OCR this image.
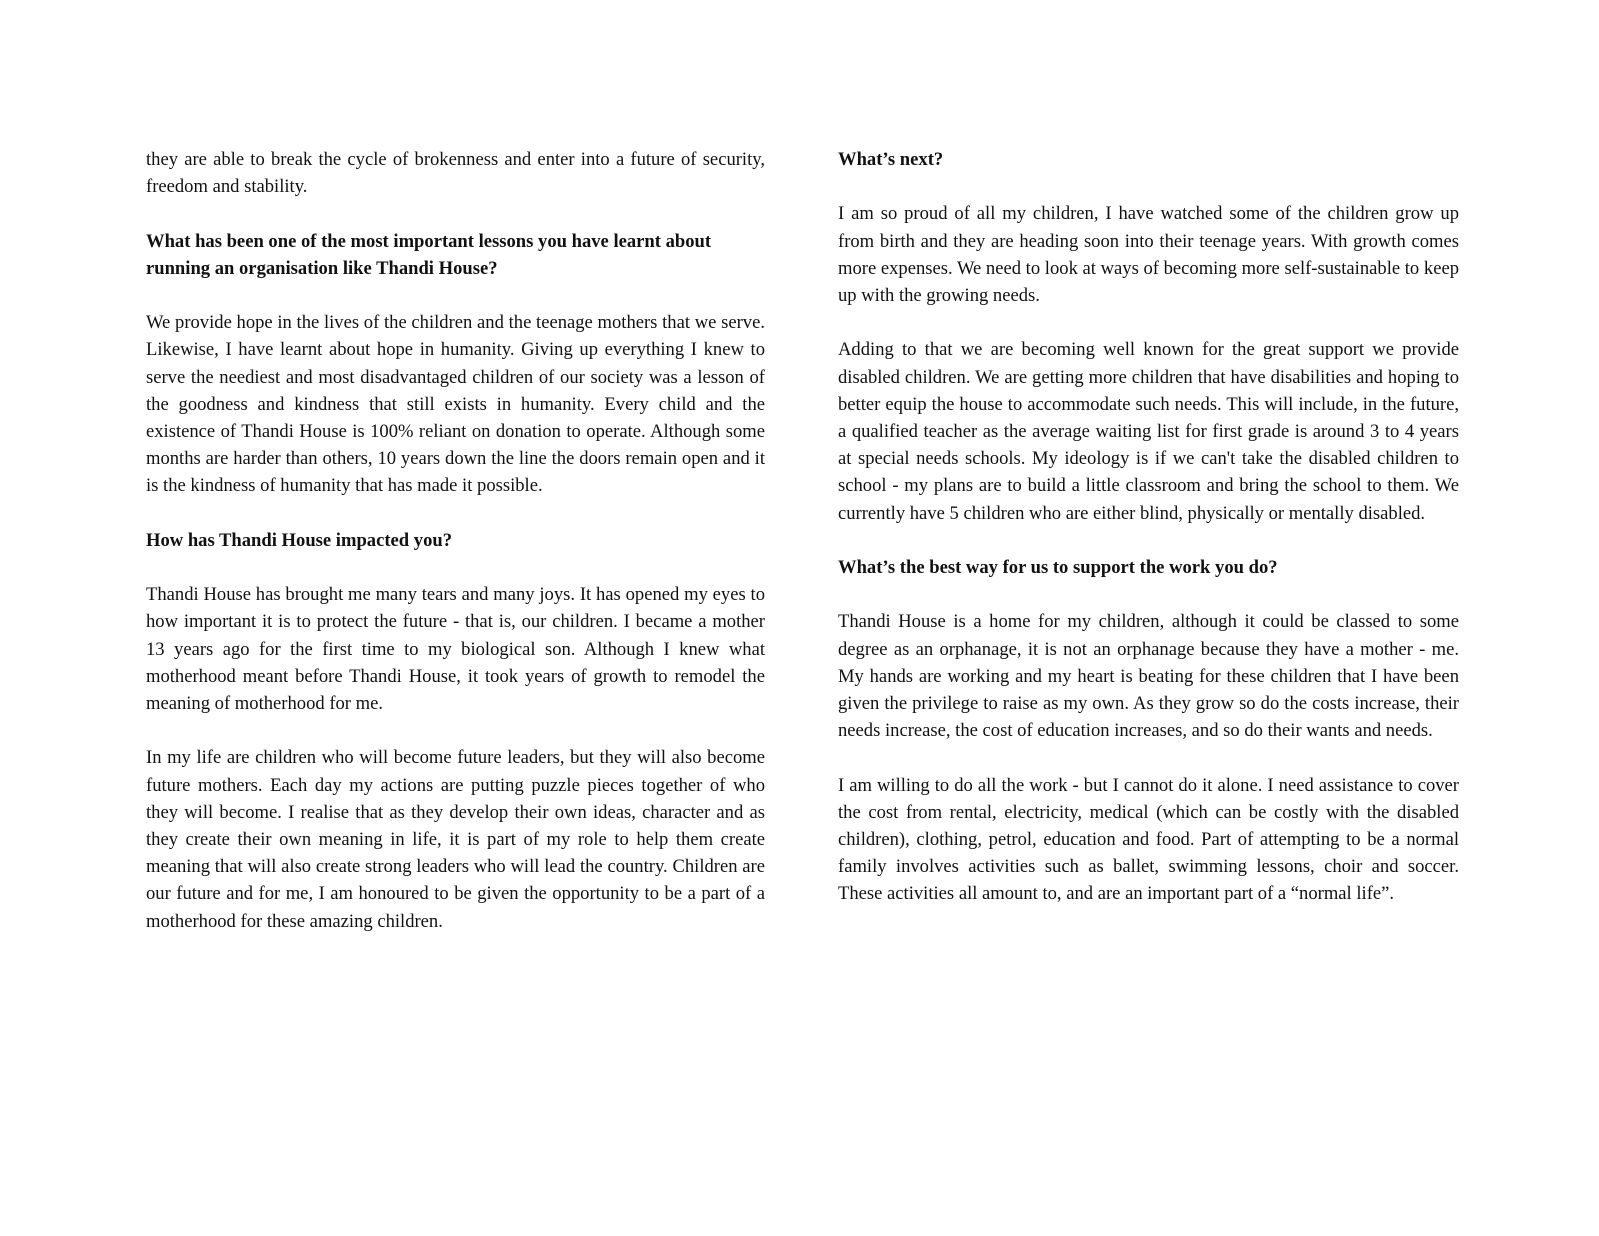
they are able to break the cycle of brokenness and enter into a future of security, freedom and stability.

What has been one of the most important lessons you have learnt about running an organisation like Thandi House?

We provide hope in the lives of the children and the teenage mothers that we serve. Likewise, I have learnt about hope in humanity. Giving up everything I knew to serve the neediest and most disadvantaged children of our society was a lesson of the goodness and kindness that still exists in humanity. Every child and the existence of Thandi House is 100% reliant on donation to operate. Although some months are harder than others, 10 years down the line the doors remain open and it is the kindness of humanity that has made it possible.

How has Thandi House impacted you?

Thandi House has brought me many tears and many joys. It has opened my eyes to how important it is to protect the future - that is, our children. I became a mother 13 years ago for the first time to my biological son. Although I knew what motherhood meant before Thandi House, it took years of growth to remodel the meaning of motherhood for me.

In my life are children who will become future leaders, but they will also become future mothers. Each day my actions are putting puzzle pieces together of who they will become. I realise that as they develop their own ideas, character and as they create their own meaning in life, it is part of my role to help them create meaning that will also create strong leaders who will lead the country. Children are our future and for me, I am honoured to be given the opportunity to be a part of a motherhood for these amazing children.

What’s next?

I am so proud of all my children, I have watched some of the children grow up from birth and they are heading soon into their teenage years. With growth comes more expenses. We need to look at ways of becoming more self-sustainable to keep up with the growing needs.

Adding to that we are becoming well known for the great support we provide disabled children. We are getting more children that have disabilities and hoping to better equip the house to accommodate such needs. This will include, in the future, a qualified teacher as the average waiting list for first grade is around 3 to 4 years at special needs schools. My ideology is if we can't take the disabled children to school - my plans are to build a little classroom and bring the school to them. We currently have 5 children who are either blind, physically or mentally disabled.

What’s the best way for us to support the work you do?

Thandi House is a home for my children, although it could be classed to some degree as an orphanage, it is not an orphanage because they have a mother - me. My hands are working and my heart is beating for these children that I have been given the privilege to raise as my own. As they grow so do the costs increase, their needs increase, the cost of education increases, and so do their wants and needs.

I am willing to do all the work - but I cannot do it alone. I need assistance to cover the cost from rental, electricity, medical (which can be costly with the disabled children), clothing, petrol, education and food. Part of attempting to be a normal family involves activities such as ballet, swimming lessons, choir and soccer. These activities all amount to, and are an important part of a “normal life”.
